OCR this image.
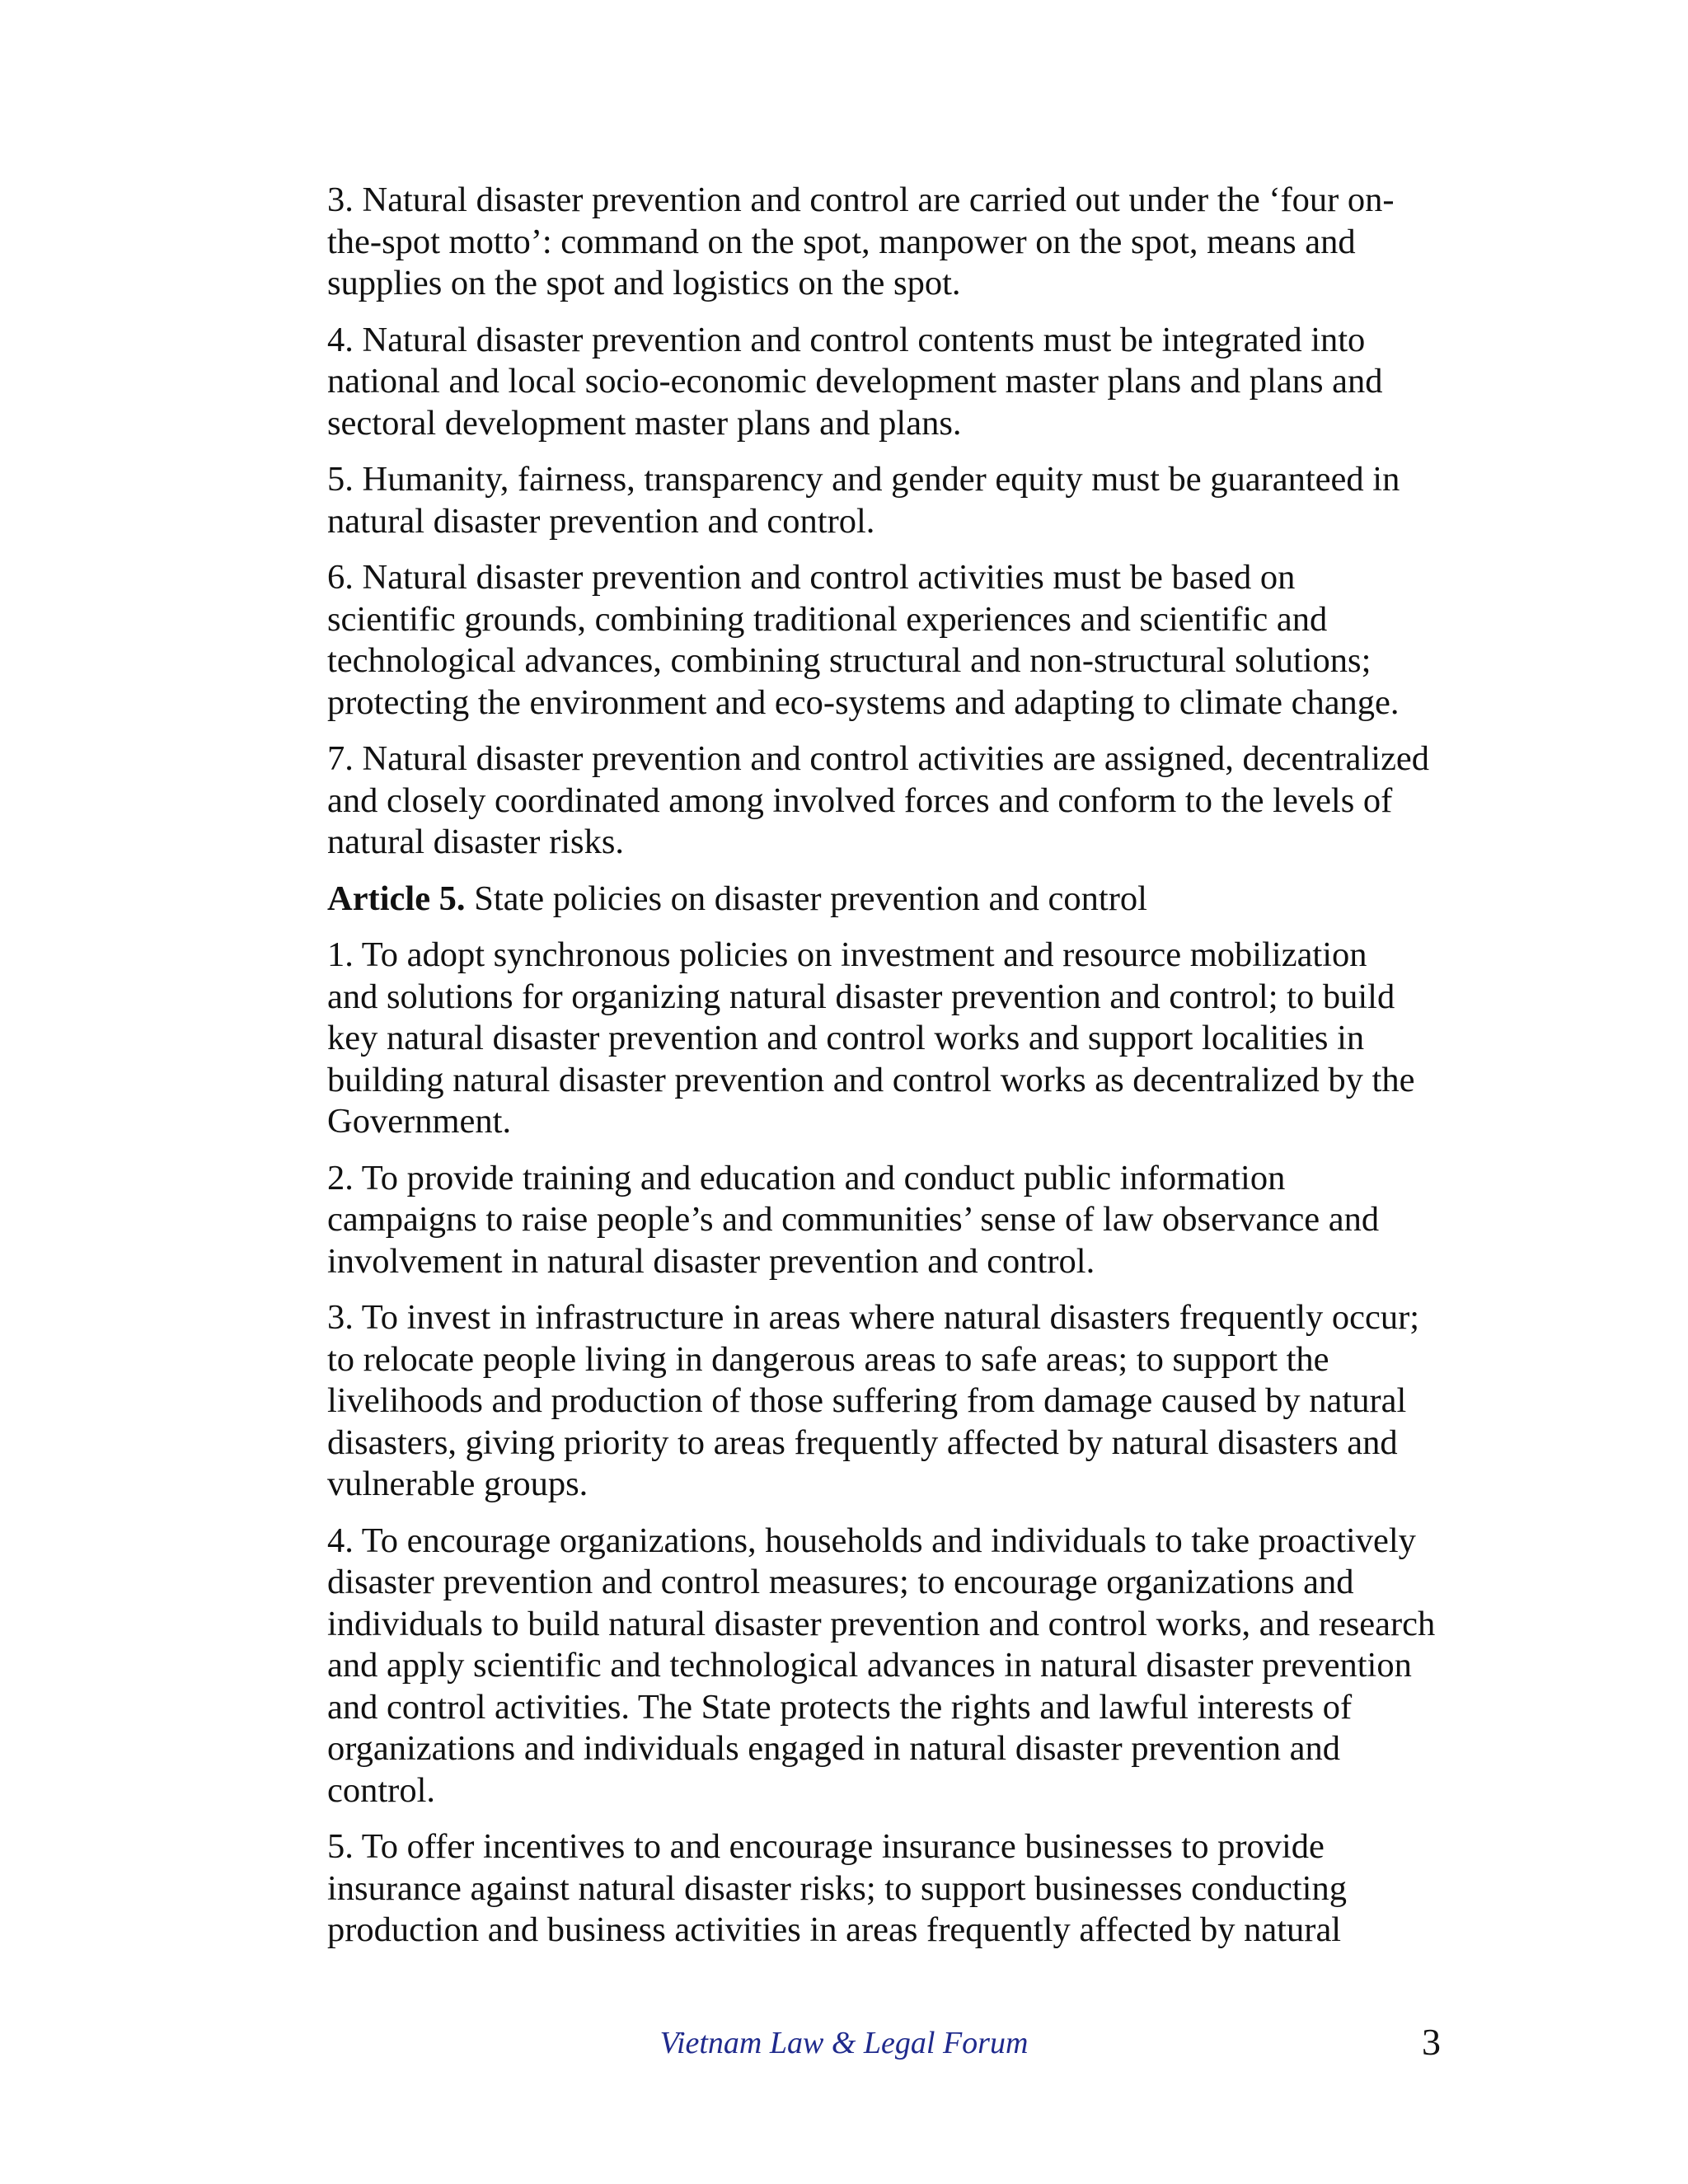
3. Natural disaster prevention and control are carried out under the ‘four on-
the-spot motto’: command on the spot, manpower on the spot, means and
supplies on the spot and logistics on the spot.

4. Natural disaster prevention and control contents must be integrated into
national and local socio-economic development master plans and plans and
sectoral development master plans and plans.

5. Humanity, fairness, transparency and gender equity must be guaranteed in
natural disaster prevention and control.

6. Natural disaster prevention and control activities must be based on
scientific grounds, combining traditional experiences and scientific and
technological advances, combining structural and non-structural solutions;
protecting the environment and eco-systems and adapting to climate change.

7. Natural disaster prevention and control activities are assigned, decentralized
and closely coordinated among involved forces and conform to the levels of
natural disaster risks.

Article 5. State policies on disaster prevention and control

1. To adopt synchronous policies on investment and resource mobilization
and solutions for organizing natural disaster prevention and control; to build
key natural disaster prevention and control works and support localities in
building natural disaster prevention and control works as decentralized by the
Government.

2. To provide training and education and conduct public information
campaigns to raise people’s and communities’ sense of law observance and
involvement in natural disaster prevention and control.

3. To invest in infrastructure in areas where natural disasters frequently occur;
to relocate people living in dangerous areas to safe areas; to support the
livelihoods and production of those suffering from damage caused by natural
disasters, giving priority to areas frequently affected by natural disasters and
vulnerable groups.

4. To encourage organizations, households and individuals to take proactively
disaster prevention and control measures; to encourage organizations and
individuals to build natural disaster prevention and control works, and research
and apply scientific and technological advances in natural disaster prevention
and control activities. The State protects the rights and lawful interests of
organizations and individuals engaged in natural disaster prevention and
control.

5. To offer incentives to and encourage insurance businesses to provide
insurance against natural disaster risks; to support businesses conducting
production and business activities in areas frequently affected by natural

Vietnam Law & Legal Forum	3
